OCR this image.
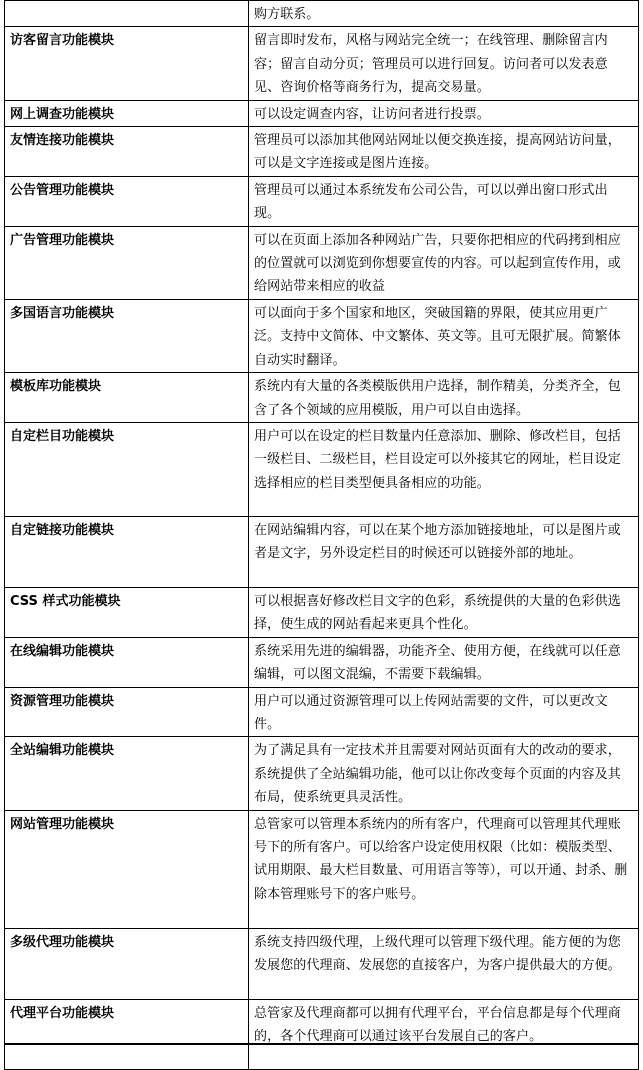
	购方联系。
访客留言功能模块	留言即时发布，风格与网站完全统一；在线管理、删除留言内容；留言自动分页；管理员可以进行回复。访问者可以发表意见、咨询价格等商务行为，提高交易量。
网上调查功能模块	可以设定调查内容，让访问者进行投票。
友情连接功能模块	管理员可以添加其他网站网址以便交换连接，提高网站访问量，可以是文字连接或是图片连接。
公告管理功能模块	管理员可以通过本系统发布公司公告，可以以弹出窗口形式出现。
广告管理功能模块	可以在页面上添加各种网站广告，只要你把相应的代码拷到相应的位置就可以浏览到你想要宣传的内容。可以起到宣传作用，或给网站带来相应的收益
多国语言功能模块	可以面向于多个国家和地区，突破国籍的界限，使其应用更广泛。支持中文简体、中文繁体、英文等。且可无限扩展。简繁体自动实时翻译。
模板库功能模块	系统内有大量的各类模版供用户选择，制作精美，分类齐全，包含了各个领域的应用模版，用户可以自由选择。
自定栏目功能模块	用户可以在设定的栏目数量内任意添加、删除、修改栏目，包括一级栏目、二级栏目，栏目设定可以外接其它的网址，栏目设定选择相应的栏目类型便具备相应的功能。
自定链接功能模块	在网站编辑内容，可以在某个地方添加链接地址，可以是图片或者是文字，另外设定栏目的时候还可以链接外部的地址。
CSS 样式功能模块	可以根据喜好修改栏目文字的色彩，系统提供的大量的色彩供选择，使生成的网站看起来更具个性化。
在线编辑功能模块	系统采用先进的编辑器，功能齐全、使用方便，在线就可以任意编辑，可以图文混编，不需要下载编辑。
资源管理功能模块	用户可以通过资源管理可以上传网站需要的文件，可以更改文件。
全站编辑功能模块	为了满足具有一定技术并且需要对网站页面有大的改动的要求，系统提供了全站编辑功能，他可以让你改变每个页面的内容及其布局，使系统更具灵活性。
网站管理功能模块	总管家可以管理本系统内的所有客户，代理商可以管理其代理账号下的所有客户。可以给客户设定使用权限（比如：模版类型、试用期限、最大栏目数量、可用语言等等），可以开通、封杀、删除本管理账号下的客户账号。
多级代理功能模块	系统支持四级代理，上级代理可以管理下级代理。能方便的为您发展您的代理商、发展您的直接客户，为客户提供最大的方便。
代理平台功能模块	总管家及代理商都可以拥有代理平台，平台信息都是每个代理商的，各个代理商可以通过该平台发展自己的客户。
